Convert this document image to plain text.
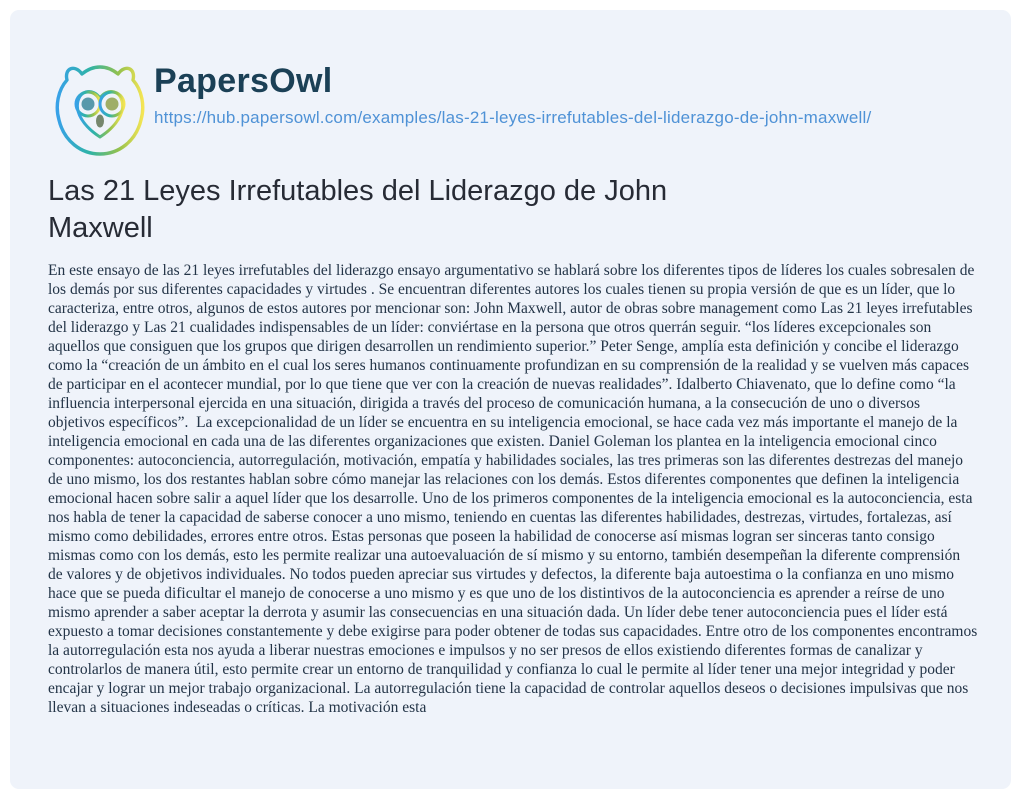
PapersOwl
https://hub.papersowl.com/examples/las-21-leyes-irrefutables-del-liderazgo-de-john-maxwell/
Las 21 Leyes Irrefutables del Liderazgo de John Maxwell

En este ensayo de las 21 leyes irrefutables del liderazgo ensayo argumentativo se hablará sobre los diferentes tipos de líderes los cuales sobresalen de los demás por sus diferentes capacidades y virtudes . Se encuentran diferentes autores los cuales tienen su propia versión de que es un líder, que lo caracteriza, entre otros, algunos de estos autores por mencionar son: John Maxwell, autor de obras sobre management como Las 21 leyes irrefutables del liderazgo y Las 21 cualidades indispensables de un líder: conviértase en la persona que otros querrán seguir. “los líderes excepcionales son aquellos que consiguen que los grupos que dirigen desarrollen un rendimiento superior.” Peter Senge, amplía esta definición y concibe el liderazgo como la “creación de un ámbito en el cual los seres humanos continuamente profundizan en su comprensión de la realidad y se vuelven más capaces de participar en el acontecer mundial, por lo que tiene que ver con la creación de nuevas realidades”. Idalberto Chiavenato, que lo define como “la influencia interpersonal ejercida en una situación, dirigida a través del proceso de comunicación humana, a la consecución de uno o diversos objetivos específicos”.  La excepcionalidad de un líder se encuentra en su inteligencia emocional, se hace cada vez más importante el manejo de la inteligencia emocional en cada una de las diferentes organizaciones que existen. Daniel Goleman los plantea en la inteligencia emocional cinco componentes: autoconciencia, autorregulación, motivación, empatía y habilidades sociales, las tres primeras son las diferentes destrezas del manejo de uno mismo, los dos restantes hablan sobre cómo manejar las relaciones con los demás. Estos diferentes componentes que definen la inteligencia emocional hacen sobre salir a aquel líder que los desarrolle. Uno de los primeros componentes de la inteligencia emocional es la autoconciencia, esta nos habla de tener la capacidad de saberse conocer a uno mismo, teniendo en cuentas las diferentes habilidades, destrezas, virtudes, fortalezas, así mismo como debilidades, errores entre otros. Estas personas que poseen la habilidad de conocerse así mismas logran ser sinceras tanto consigo mismas como con los demás, esto les permite realizar una autoevaluación de sí mismo y su entorno, también desempeñan la diferente comprensión de valores y de objetivos individuales. No todos pueden apreciar sus virtudes y defectos, la diferente baja autoestima o la confianza en uno mismo hace que se pueda dificultar el manejo de conocerse a uno mismo y es que uno de los distintivos de la autoconciencia es aprender a reírse de uno mismo aprender a saber aceptar la derrota y asumir las consecuencias en una situación dada. Un líder debe tener autoconciencia pues el líder está expuesto a tomar decisiones constantemente y debe exigirse para poder obtener de todas sus capacidades. Entre otro de los componentes encontramos la autorregulación esta nos ayuda a liberar nuestras emociones e impulsos y no ser presos de ellos existiendo diferentes formas de canalizar y controlarlos de manera útil, esto permite crear un entorno de tranquilidad y confianza lo cual le permite al líder tener una mejor integridad y poder encajar y lograr un mejor trabajo organizacional. La autorregulación tiene la capacidad de controlar aquellos deseos o decisiones impulsivas que nos llevan a situaciones indeseadas o críticas. La motivación esta
